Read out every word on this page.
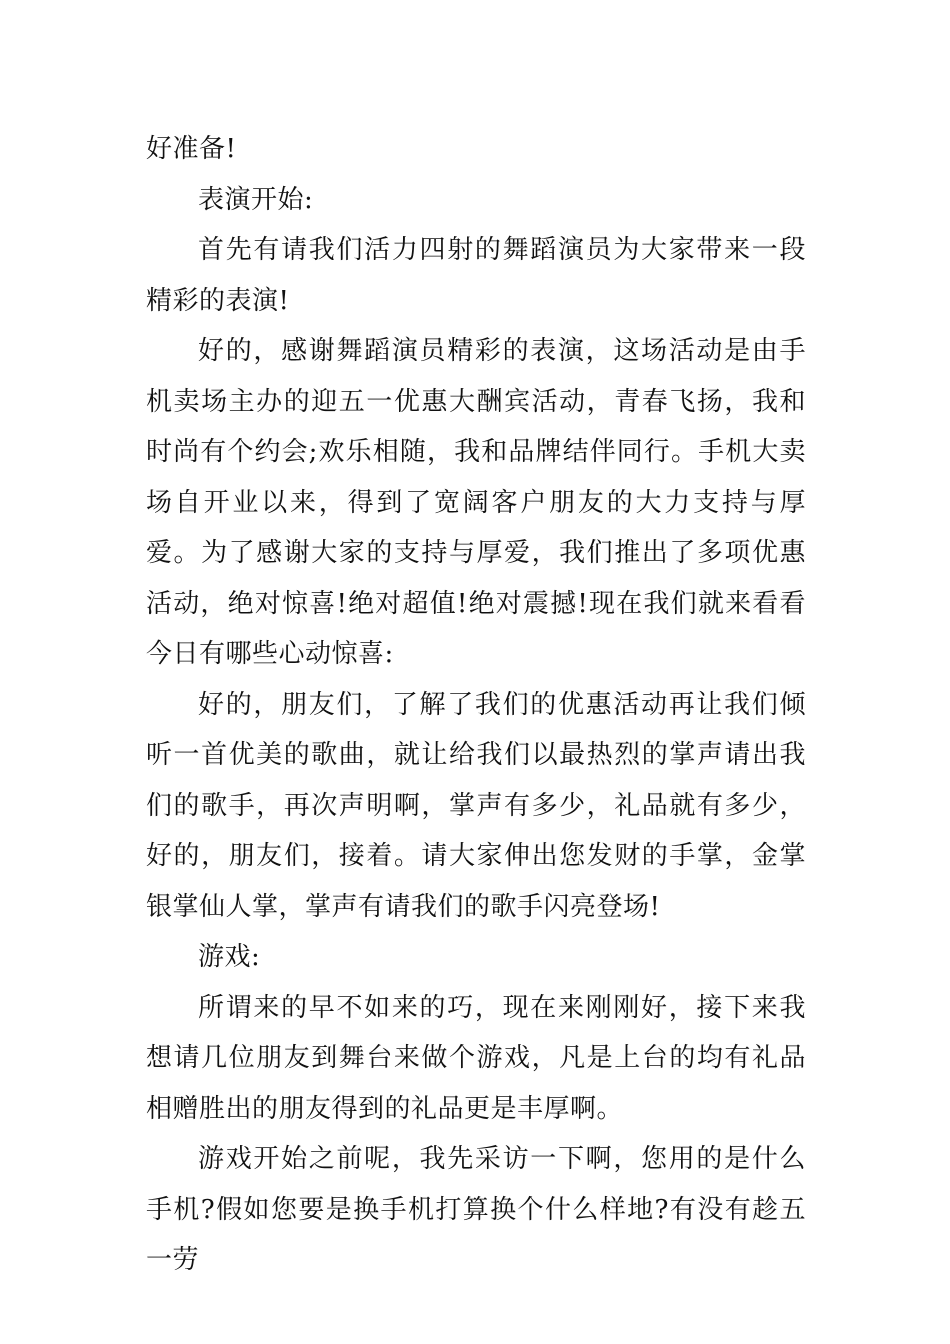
好准备!

表演开始:

首先有请我们活力四射的舞蹈演员为大家带来一段精彩的表演!

好的，感谢舞蹈演员精彩的表演，这场活动是由手机卖场主办的迎五一优惠大酬宾活动，青春飞扬，我和时尚有个约会;欢乐相随，我和品牌结伴同行。手机大卖场自开业以来，得到了宽阔客户朋友的大力支持与厚爱。为了感谢大家的支持与厚爱，我们推出了多项优惠活动，绝对惊喜!绝对超值!绝对震撼!现在我们就来看看今日有哪些心动惊喜:

好的，朋友们，了解了我们的优惠活动再让我们倾听一首优美的歌曲，就让给我们以最热烈的掌声请出我们的歌手，再次声明啊，掌声有多少，礼品就有多少，好的，朋友们，接着。请大家伸出您发财的手掌，金掌银掌仙人掌，掌声有请我们的歌手闪亮登场!

游戏:

所谓来的早不如来的巧，现在来刚刚好，接下来我想请几位朋友到舞台来做个游戏，凡是上台的均有礼品相赠胜出的朋友得到的礼品更是丰厚啊。

游戏开始之前呢，我先采访一下啊，您用的是什么手机?假如您要是换手机打算换个什么样地?有没有趁五一劳
